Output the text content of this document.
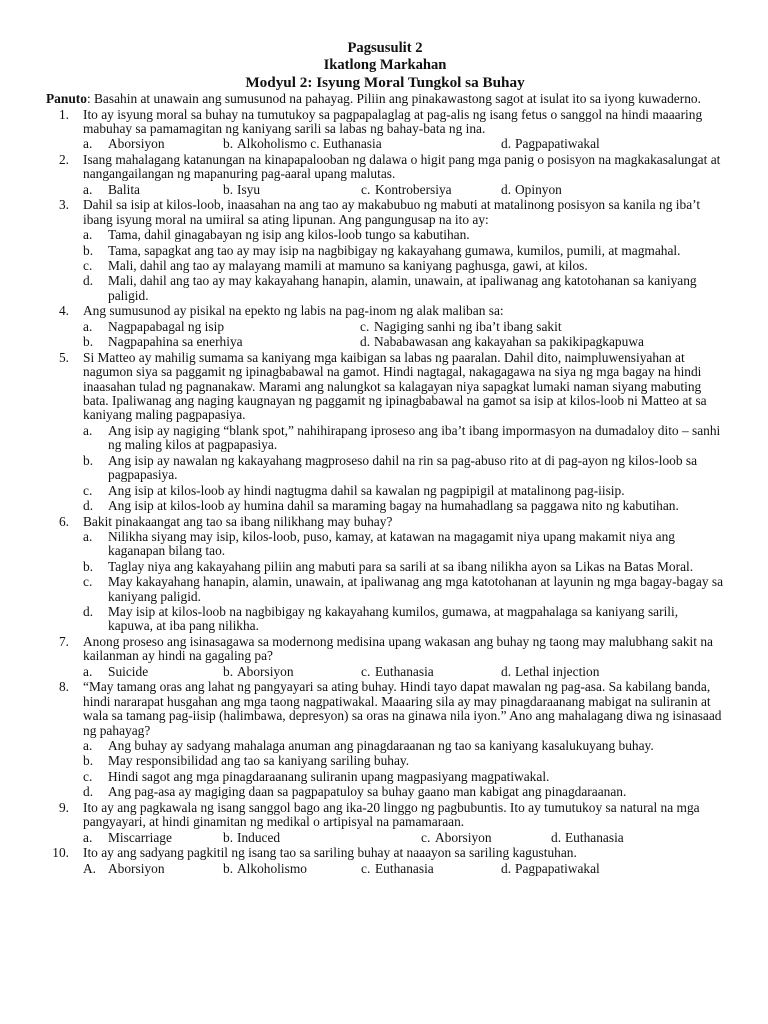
Pagsusulit 2
Ikatlong Markahan
Modyul 2: Isyung Moral Tungkol sa Buhay
Panuto: Basahin at unawain ang sumusunod na pahayag. Piliin ang pinakawastong sagot at isulat ito sa iyong kuwaderno.
1.	Ito ay isyung moral sa buhay na tumutukoy sa pagpapalaglag at pag-alis ng isang fetus o sanggol na hindi maaaring mabuhay sa pamamagitan ng kaniyang sarili sa labas ng bahay-bata ng ina.
a.	Aborsiyon	b. Alkoholismo c. Euthanasia	d. Pagpapatiwakal
2.	Isang mahalagang katanungan na kinapapalooban ng dalawa o higit pang mga panig o posisyon na magkakasalungat at nangangailangan ng mapanuring pag-aaral upang malutas.
a.	Balita	b. Isyu	c. Kontrobersiya	d. Opinyon
3.	Dahil sa isip at kilos-loob, inaasahan na ang tao ay makabubuo ng mabuti at matalinong posisyon sa kanila ng iba’t ibang isyung moral na umiiral sa ating lipunan. Ang pangungusap na ito ay:
a.	Tama, dahil ginagabayan ng isip ang kilos-loob tungo sa kabutihan.
b.	Tama, sapagkat ang tao ay may isip na nagbibigay ng kakayahang gumawa, kumilos, pumili, at magmahal.
c.	Mali, dahil ang tao ay malayang mamili at mamuno sa kaniyang paghusga, gawi, at kilos.
d.	Mali, dahil ang tao ay may kakayahang hanapin, alamin, unawain, at ipaliwanag ang katotohanan sa kaniyang paligid.
4.	Ang sumusunod ay pisikal na epekto ng labis na pag-inom ng alak maliban sa:
a.	Nagpapabagal ng isip	c. Nagiging sanhi ng iba’t ibang sakit
b.	Nagpapahina sa enerhiya	d. Nababawasan ang kakayahan sa pakikipagkapuwa
5.	Si Matteo ay mahilig sumama sa kaniyang mga kaibigan sa labas ng paaralan. Dahil dito, naimpluwensiyahan at nagumon siya sa paggamit ng ipinagbabawal na gamot. Hindi nagtagal, nakagagawa na siya ng mga bagay na hindi inaasahan tulad ng pagnanakaw. Marami ang nalungkot sa kalagayan niya sapagkat lumaki naman siyang mabuting bata. Ipaliwanag ang naging kaugnayan ng paggamit ng ipinagbabawal na gamot sa isip at kilos-loob ni Matteo at sa kaniyang maling pagpapasiya.
a.	Ang isip ay nagiging “blank spot,” nahihirapang iproseso ang iba’t ibang impormasyon na dumadaloy dito – sanhi ng maling kilos at pagpapasiya.
b.	Ang isip ay nawalan ng kakayahang magproseso dahil na rin sa pag-abuso rito at di pag-ayon ng kilos-loob sa pagpapasiya.
c.	Ang isip at kilos-loob ay hindi nagtugma dahil sa kawalan ng pagpipigil at matalinong pag-iisip.
d.	Ang isip at kilos-loob ay humina dahil sa maraming bagay na humahadlang sa paggawa nito ng kabutihan.
6.	Bakit pinakaangat ang tao sa ibang nilikhang may buhay?
a.	Nilikha siyang may isip, kilos-loob, puso, kamay, at katawan na magagamit niya upang makamit niya ang kaganapan bilang tao.
b.	Taglay niya ang kakayahang piliin ang mabuti para sa sarili at sa ibang nilikha ayon sa Likas na Batas Moral.
c.	May kakayahang hanapin, alamin, unawain, at ipaliwanag ang mga katotohanan at layunin ng mga bagay-bagay sa kaniyang paligid.
d.	May isip at kilos-loob na nagbibigay ng kakayahang kumilos, gumawa, at magpahalaga sa kaniyang sarili, kapuwa, at iba pang nilikha.
7.	Anong proseso ang isinasagawa sa modernong medisina upang wakasan ang buhay ng taong may malubhang sakit na kailanman ay hindi na gagaling pa?
a.	Suicide	b. Aborsiyon	c. Euthanasia	d. Lethal injection
8.	“May tamang oras ang lahat ng pangyayari sa ating buhay. Hindi tayo dapat mawalan ng pag-asa. Sa kabilang banda, hindi nararapat husgahan ang mga taong nagpatiwakal. Maaaring sila ay may pinagdaraanang mabigat na suliranin at wala sa tamang pag-iisip (halimbawa, depresyon) sa oras na ginawa nila iyon.” Ano ang mahalagang diwa ng isinasaad ng pahayag?
a.	Ang buhay ay sadyang mahalaga anuman ang pinagdaraanan ng tao sa kaniyang kasalukuyang buhay.
b.	May responsibilidad ang tao sa kaniyang sariling buhay.
c.	Hindi sagot ang mga pinagdaraanang suliranin upang magpasiyang magpatiwakal.
d.	Ang pag-asa ay magiging daan sa pagpapatuloy sa buhay gaano man kabigat ang pinagdaraanan.
9.	Ito ay ang pagkawala ng isang sanggol bago ang ika-20 linggo ng pagbubuntis. Ito ay tumutukoy sa natural na mga pangyayari, at hindi ginamitan ng medikal o artipisyal na pamamaraan.
a.	Miscarriage	b. Induced	c. Aborsiyon	d. Euthanasia
10.	Ito ay ang sadyang pagkitil ng isang tao sa sariling buhay at naaayon sa sariling kagustuhan.
A. Aborsiyon	b. Alkoholismo	c. Euthanasia	d. Pagpapatiwakal
